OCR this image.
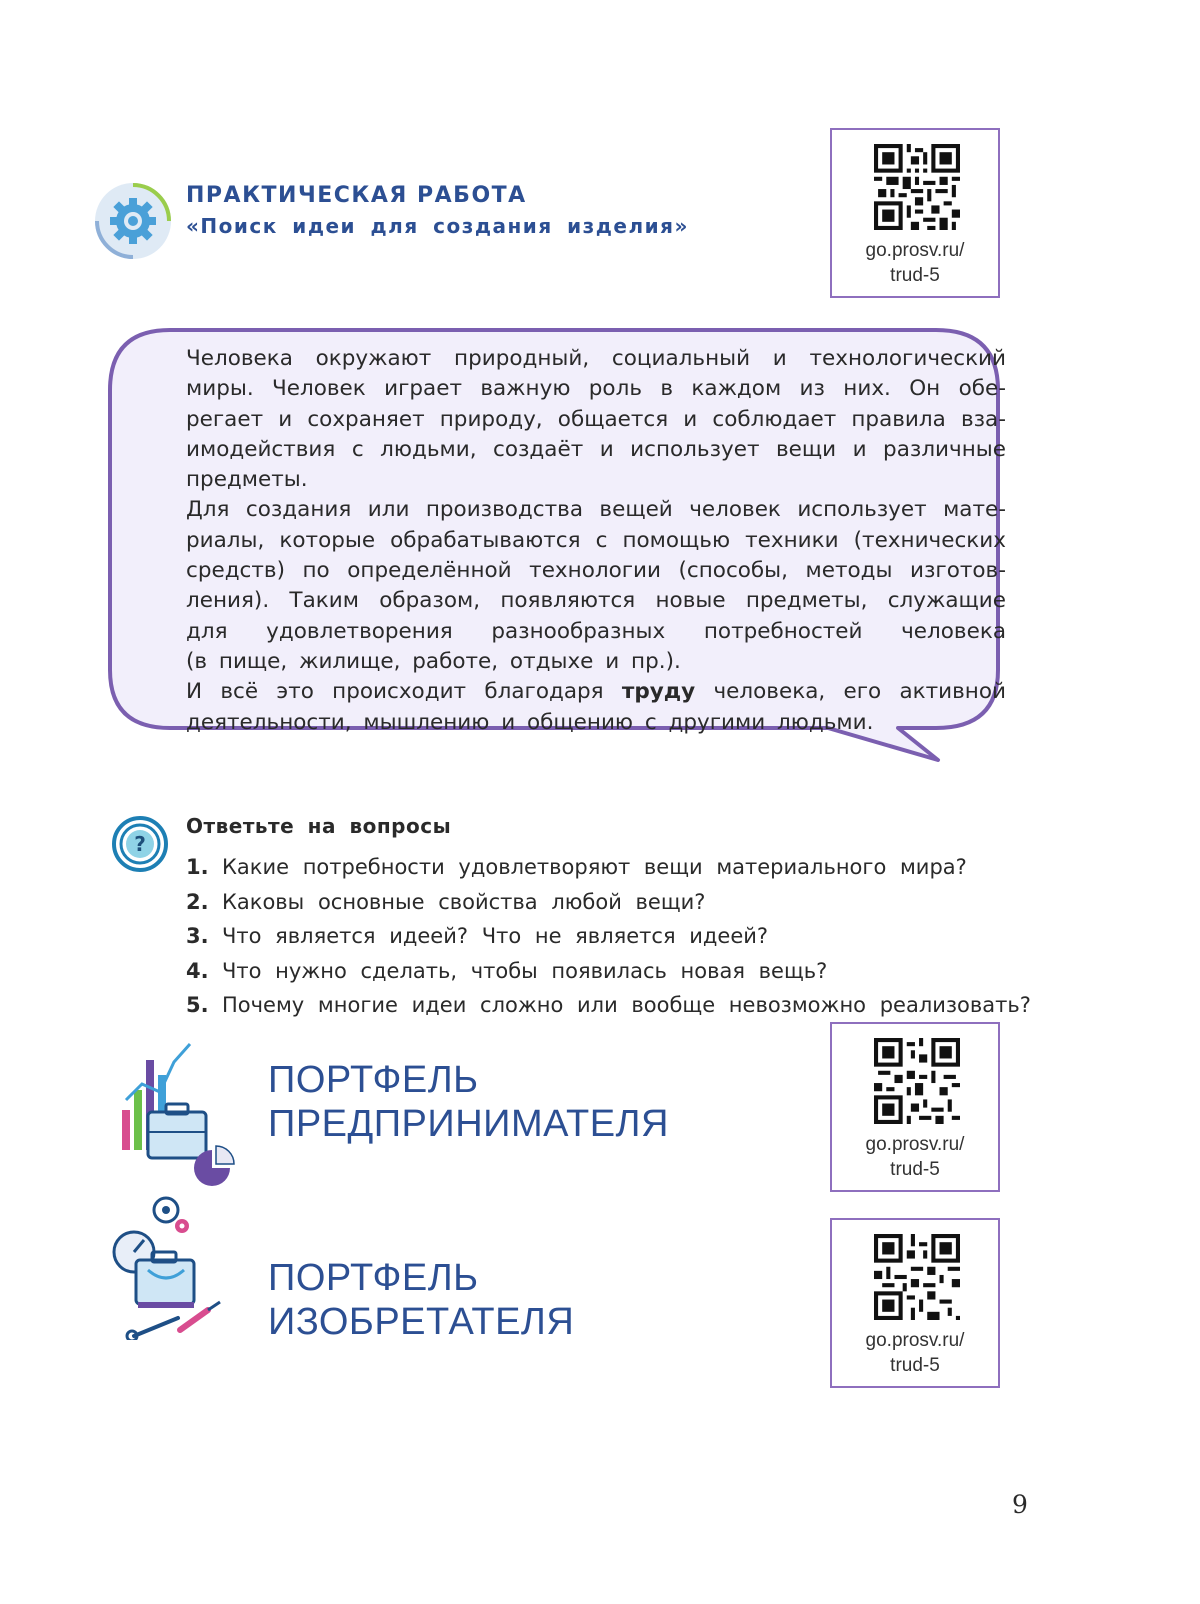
ПРАКТИЧЕСКАЯ РАБОТА
«Поиск идеи для создания изделия»
go.prosv.ru/
trud-5

Человека окружают природный, социальный и технологический

миры. Человек играет важную роль в каждом из них. Он обе-

регает и сохраняет природу, общается и соблюдает правила вза-

имодействия с людьми, создаёт и использует вещи и различные

предметы.

Для создания или производства вещей человек использует мате-

риалы, которые обрабатываются с помощью техники (технических

средств) по определённой технологии (способы, методы изготов-

ления). Таким образом, появляются новые предметы, служащие

для удовлетворения разнообразных потребностей человека

(в пище, жилище, работе, отдыхе и пр.).

И всё это происходит благодаря труду человека, его активной

деятельности, мышлению и общению с другими людьми.

?
Ответьте на вопросы
1. Какие потребности удовлетворяют вещи материального мира?
2. Каковы основные свойства любой вещи?
3. Что является идеей? Что не является идеей?
4. Что нужно сделать, чтобы появилась новая вещь?
5. Почему многие идеи сложно или вообще невозможно реализовать?
ПОРТФЕЛЬ
ПРЕДПРИНИМАТЕЛЯ	go.prosv.ru/
trud-5
ПОРТФЕЛЬ
ИЗОБРЕТАТЕЛЯ	go.prosv.ru/
trud-5
9
